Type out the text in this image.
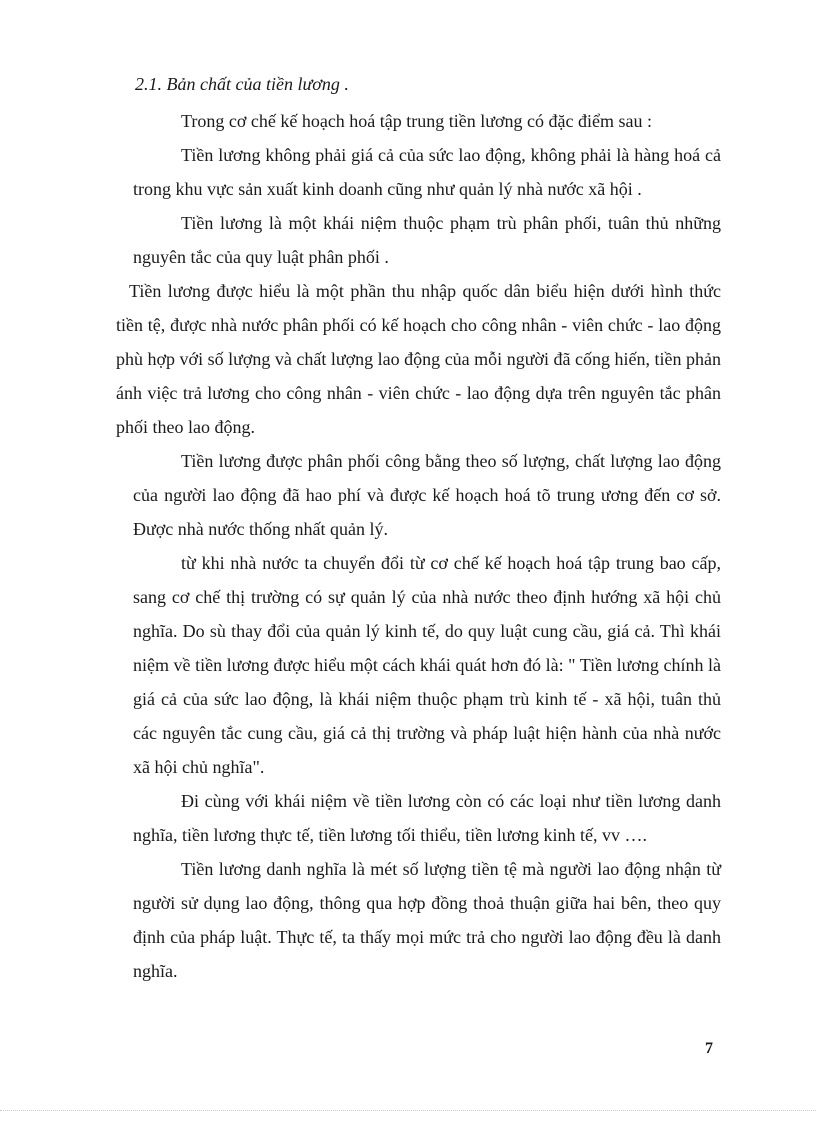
2.1. Bản chất của tiền lương .

Trong cơ chế kế hoạch hoá tập trung tiền lương có đặc điểm sau :

Tiền lương không phải giá cả của sức lao động, không phải là hàng hoá cả trong khu vực sản xuất kinh doanh cũng như quản lý nhà nước xã hội .

Tiền lương là một khái niệm thuộc phạm trù phân phối, tuân thủ những nguyên tắc của quy luật phân phối .

Tiền lương được hiểu là một phần thu nhập quốc dân biểu hiện dưới hình thức tiền tệ, được nhà nước phân phối có kế hoạch cho công nhân - viên chức - lao động phù hợp với số lượng và chất lượng lao động của mỗi người đã cống hiến, tiền phản ánh việc trả lương cho công nhân - viên chức - lao động dựa trên nguyên tắc phân phối theo lao động.

Tiền lương được phân phối công bằng theo số lượng, chất lượng lao động của người lao động đã hao phí và được kế hoạch hoá tõ trung ương đến cơ sở. Được nhà nước thống nhất quản lý.

từ khi nhà nước ta chuyển đổi từ cơ chế kế hoạch hoá tập trung bao cấp, sang cơ chế thị trường có sự quản lý của nhà nước theo định hướng xã hội chủ nghĩa. Do sù thay đổi của quản lý kinh tế, do quy luật cung cầu, giá cả. Thì khái niệm về tiền lương được hiểu một cách khái quát hơn đó là: " Tiền lương chính là giá cả của sức lao động, là khái niệm thuộc phạm trù kinh tế - xã hội, tuân thủ các nguyên tắc cung cầu, giá cả thị trường và pháp luật hiện hành của nhà nước xã hội chủ nghĩa".

Đi cùng với khái niệm về tiền lương còn có các loại như tiền lương danh nghĩa, tiền lương thực tế, tiền lương tối thiểu, tiền lương kinh tế, vv ….

Tiền lương danh nghĩa là mét số lượng tiền tệ mà người lao động nhận từ người sử dụng lao động, thông qua hợp đồng thoả thuận giữa hai bên, theo quy định của pháp luật. Thực tế, ta thấy mọi mức trả cho người lao động đều là danh nghĩa.

7
